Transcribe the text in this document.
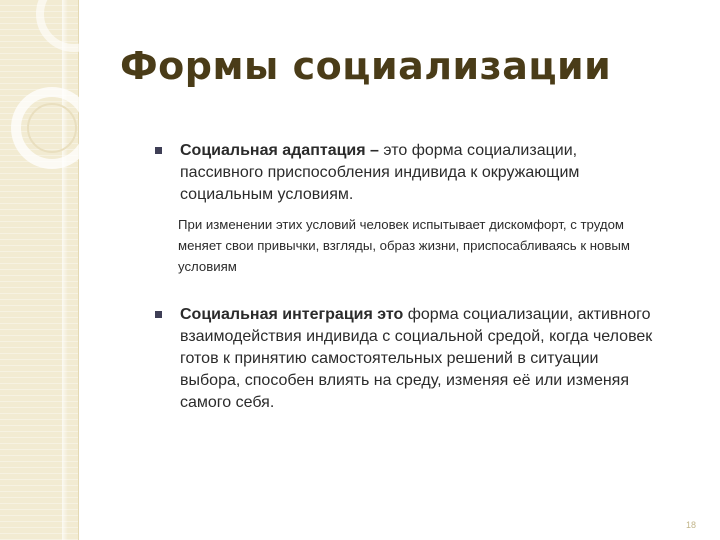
Формы социализации

Социальная адаптация – это форма социализации, пассивного приспособления индивида к окружающим социальным условиям.

При изменении этих условий человек испытывает дискомфорт, с трудом меняет свои привычки, взгляды, образ жизни, приспосабливаясь к новым условиям

Социальная интеграция это форма социализации, активного взаимодействия индивида с социальной средой, когда человек готов к принятию самостоятельных решений в ситуации выбора, способен влиять на среду, изменяя её или изменяя самого себя.

18
